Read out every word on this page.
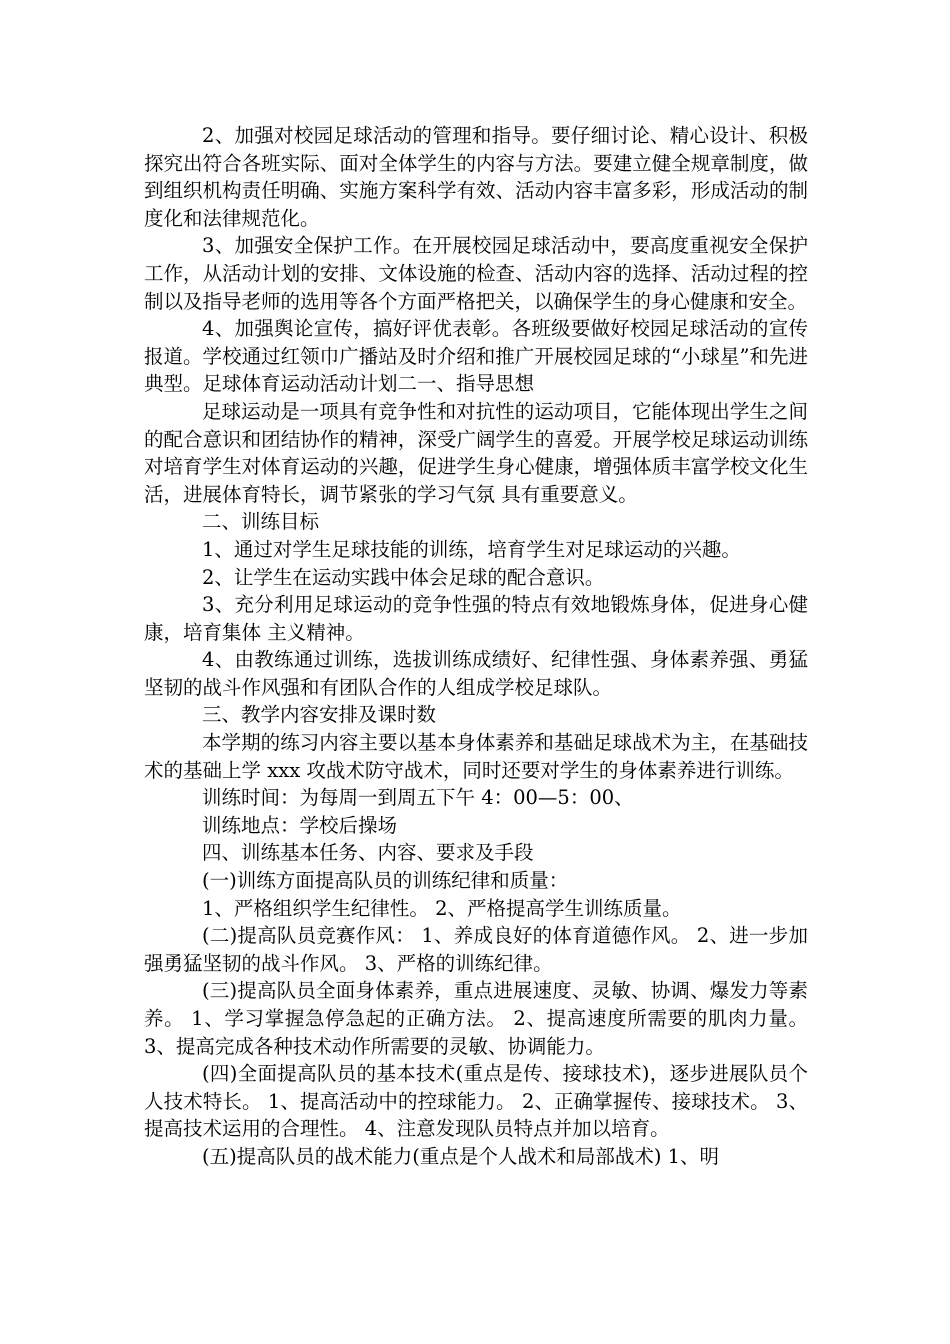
2、加强对校园足球活动的管理和指导。要仔细讨论、精心设计、积极探究出符合各班实际、面对全体学生的内容与方法。要建立健全规章制度，做到组织机构责任明确、实施方案科学有效、活动内容丰富多彩，形成活动的制度化和法律规范化。

3、加强安全保护工作。在开展校园足球活动中，要高度重视安全保护工作，从活动计划的安排、文体设施的检查、活动内容的选择、活动过程的控制以及指导老师的选用等各个方面严格把关，以确保学生的身心健康和安全。

4、加强舆论宣传，搞好评优表彰。各班级要做好校园足球活动的宣传报道。学校通过红领巾广播站及时介绍和推广开展校园足球的“小球星”和先进典型。足球体育运动活动计划二一、指导思想

足球运动是一项具有竞争性和对抗性的运动项目，它能体现出学生之间的配合意识和团结协作的精神，深受广阔学生的喜爱。开展学校足球运动训练对培育学生对体育运动的兴趣，促进学生身心健康，增强体质丰富学校文化生活，进展体育特长，调节紧张的学习气氛 具有重要意义。

二、训练目标

1、通过对学生足球技能的训练，培育学生对足球运动的兴趣。

2、让学生在运动实践中体会足球的配合意识。

3、充分利用足球运动的竞争性强的特点有效地锻炼身体，促进身心健康，培育集体 主义精神。

4、由教练通过训练，选拔训练成绩好、纪律性强、身体素养强、勇猛坚韧的战斗作风强和有团队合作的人组成学校足球队。

三、教学内容安排及课时数

本学期的练习内容主要以基本身体素养和基础足球战术为主，在基础技术的基础上学 xxx 攻战术防守战术，同时还要对学生的身体素养进行训练。

训练时间：为每周一到周五下午 4：00—5：00、

训练地点：学校后操场

四、训练基本任务、内容、要求及手段

(一)训练方面提高队员的训练纪律和质量：

1、严格组织学生纪律性。 2、严格提高学生训练质量。

(二)提高队员竞赛作风： 1、养成良好的体育道德作风。 2、进一步加强勇猛坚韧的战斗作风。 3、严格的训练纪律。

(三)提高队员全面身体素养，重点进展速度、灵敏、协调、爆发力等素养。 1、学习掌握急停急起的正确方法。 2、提高速度所需要的肌肉力量。 3、提高完成各种技术动作所需要的灵敏、协调能力。

(四)全面提高队员的基本技术(重点是传、接球技术)，逐步进展队员个人技术特长。 1、提高活动中的控球能力。 2、正确掌握传、接球技术。 3、提高技术运用的合理性。 4、注意发现队员特点并加以培育。

(五)提高队员的战术能力(重点是个人战术和局部战术) 1、明
